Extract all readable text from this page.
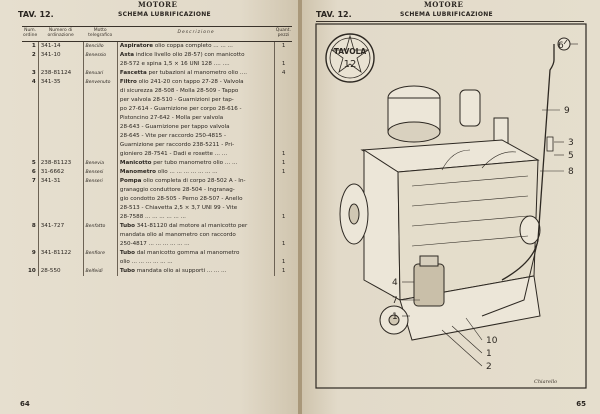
MOTORE
TAV. 12.	SCHEMA LUBRIFICAZIONE
Num. ordine	Numero di ordinazione	Motto telegrafico	Descrizione	Quant. pezzi
1	341-14	Bencillo	Aspiratore olio coppa completo ... ... ...	1
2	341-10	Benessio	Asta indice livello olio 28-57) con manicotto	
			28-572 e spina 1,5 × 16 UNI 128 .... ....	1
3	238-81124	Benuari	Fascetta per tubazioni al manometro olio ....	4
4	341-35	Benvenuto	Filtro olio 241-20 con tappo 27-28 - Valvola	
			di sicurezza 28-508 - Molla 28-509 - Tappo	
			per valvola 28-510 - Guarnizioni per tap-	
			po 27-614 - Guarnizione per corpo 28-616 -	
			Pistoncino 27-642 - Molla per valvola	
			28-643 - Guarnizione per tappo valvola	
			28-645 - Vite per raccordo 250-4815 -	
			Guarnizione per raccordo 238-5211 - Pri-	
			gioniero 28-7541 - Dadi e rosette ... ...	1
5	238-81123	Benevia	Manicotto per tubo manometro olio ... ...	1
6	31-6662	Bensesi	Manometro olio ... ... ... ... ... ... ...	1
7	341-31	Benseri	Pompa olio completa di corpo 28-502 A - In-	
			granaggio conduttore 28-504 - Ingranag-	
			gio condotto 28-505 - Perno 28-507 - Anello	
			28-513 - Chiavetta 2,5 × 3,7 UNI 99 - Vite	
			28-7588 ... ... ... ... ... ...	1
8	341-727	Benfatto	Tubo 341-81120 dal motore al manicotto per	
			mandata olio al manometro con raccordo	
			250-4817 ... ... ... ... ... ...	1
9	341-81122	Benfiore	Tubo dal manicotto gomma al manometro	
			olio ... ... ... ... ... ...	1
10	28-550	Belfeidi	Tubo mandata olio ai supporti ... ... ...	1
64
MOTORE
TAV. 12.	SCHEMA LUBRIFICAZIONE
TAVOLA
12
6
9
3
5
8
4
7
1
10
1
2
Chiarello
65
